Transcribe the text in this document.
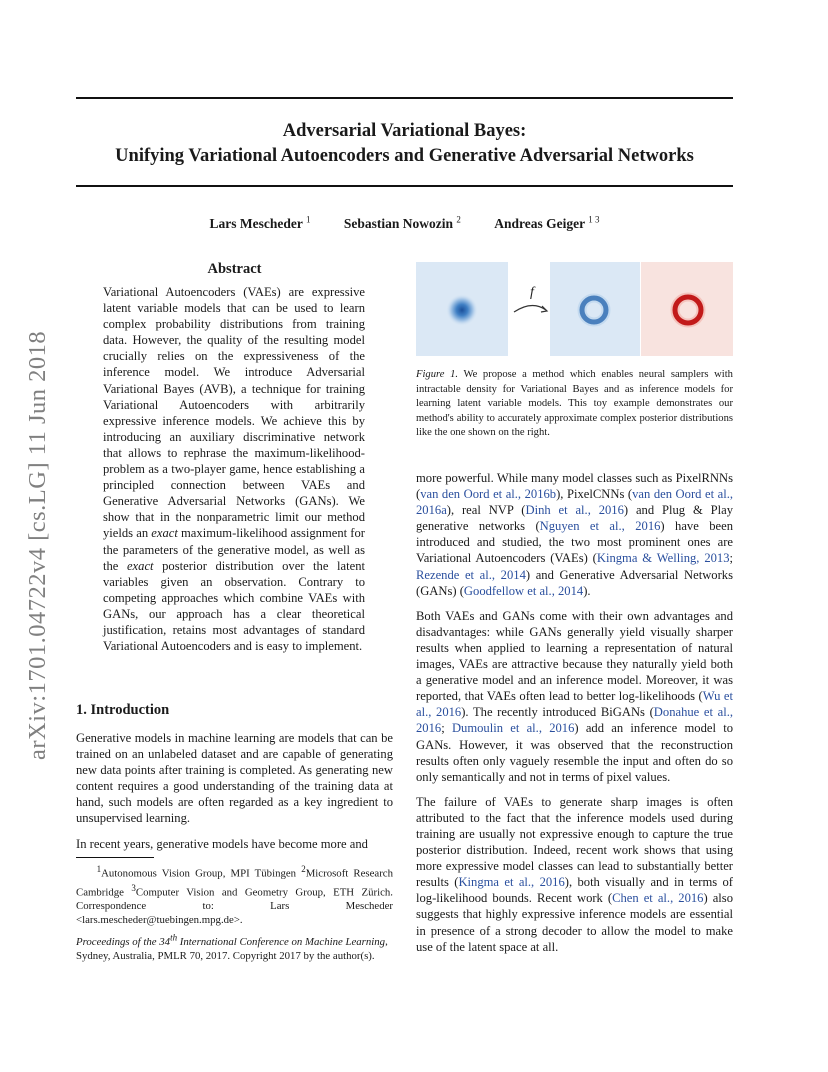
arXiv:1701.04722v4 [cs.LG] 11 Jun 2018
Adversarial Variational Bayes:
Unifying Variational Autoencoders and Generative Adversarial Networks
Lars Mescheder $^1$ Sebastian Nowozin $^2$ Andreas Geiger $^{1 3}$
Abstract
Variational Autoencoders (VAEs) are expressive latent variable models that can be used to learn complex probability distributions from training data. However, the quality of the resulting model crucially relies on the expressiveness of the inference model. We introduce Adversarial Variational Bayes (AVB), a technique for training Variational Autoencoders with arbitrarily expressive inference models. We achieve this by introducing an auxiliary discriminative network that allows to rephrase the maximum-likelihood-problem as a two-player game, hence establishing a principled connection between VAEs and Generative Adversarial Networks (GANs). We show that in the nonparametric limit our method yields an exact maximum-likelihood assignment for the parameters of the generative model, as well as the exact posterior distribution over the latent variables given an observation. Contrary to competing approaches which combine VAEs with GANs, our approach has a clear theoretical justification, retains most advantages of standard Variational Autoencoders and is easy to implement.
1. Introduction

Generative models in machine learning are models that can be trained on an unlabeled dataset and are capable of generating new data points after training is completed. As generating new content requires a good understanding of the training data at hand, such models are often regarded as a key ingredient to unsupervised learning.

In recent years, generative models have become more and

$^1$Autonomous Vision Group, MPI Tübingen $^2$Microsoft Research Cambridge $^3$Computer Vision and Geometry Group, ETH Zürich. Correspondence to: Lars Mescheder <lars.mescheder@tuebingen.mpg.de>.
Proceedings of the 34th International Conference on Machine Learning, Sydney, Australia, PMLR 70, 2017. Copyright 2017 by the author(s).
f
Figure 1. We propose a method which enables neural samplers with intractable density for Variational Bayes and as inference models for learning latent variable models. This toy example demonstrates our method's ability to accurately approximate complex posterior distributions like the one shown on the right.

more powerful. While many model classes such as PixelRNNs (van den Oord et al., 2016b), PixelCNNs (van den Oord et al., 2016a), real NVP (Dinh et al., 2016) and Plug & Play generative networks (Nguyen et al., 2016) have been introduced and studied, the two most prominent ones are Variational Autoencoders (VAEs) (Kingma & Welling, 2013; Rezende et al., 2014) and Generative Adversarial Networks (GANs) (Goodfellow et al., 2014).

Both VAEs and GANs come with their own advantages and disadvantages: while GANs generally yield visually sharper results when applied to learning a representation of natural images, VAEs are attractive because they naturally yield both a generative model and an inference model. Moreover, it was reported, that VAEs often lead to better log-likelihoods (Wu et al., 2016). The recently introduced BiGANs (Donahue et al., 2016; Dumoulin et al., 2016) add an inference model to GANs. However, it was observed that the reconstruction results often only vaguely resemble the input and often do so only semantically and not in terms of pixel values.

The failure of VAEs to generate sharp images is often attributed to the fact that the inference models used during training are usually not expressive enough to capture the true posterior distribution. Indeed, recent work shows that using more expressive model classes can lead to substantially better results (Kingma et al., 2016), both visually and in terms of log-likelihood bounds. Recent work (Chen et al., 2016) also suggests that highly expressive inference models are essential in presence of a strong decoder to allow the model to make use of the latent space at all.
